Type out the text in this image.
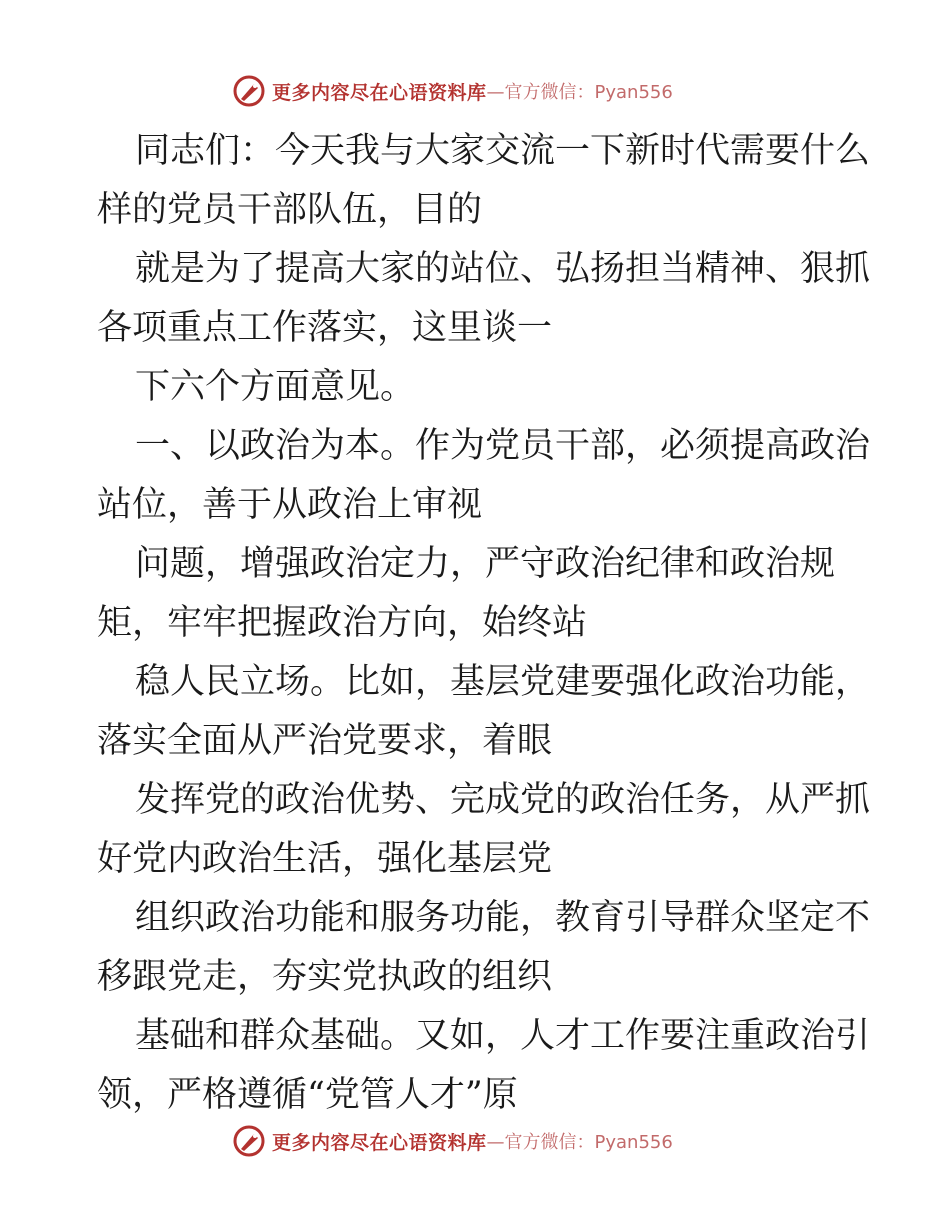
更多内容尽在心语资料库 —官方微信：Pyan556
同志们：今天我与大家交流一下新时代需要什么
样的党员干部队伍，目的
就是为了提高大家的站位、弘扬担当精神、狠抓
各项重点工作落实，这里谈一
下六个方面意见。
一、以政治为本。作为党员干部，必须提高政治
站位，善于从政治上审视
问题，增强政治定力，严守政治纪律和政治规
矩，牢牢把握政治方向，始终站
稳人民立场。比如，基层党建要强化政治功能，
落实全面从严治党要求，着眼
发挥党的政治优势、完成党的政治任务，从严抓
好党内政治生活，强化基层党
组织政治功能和服务功能，教育引导群众坚定不
移跟党走，夯实党执政的组织
基础和群众基础。又如，人才工作要注重政治引
领，严格遵循“党管人才”原
更多内容尽在心语资料库 —官方微信：Pyan556
